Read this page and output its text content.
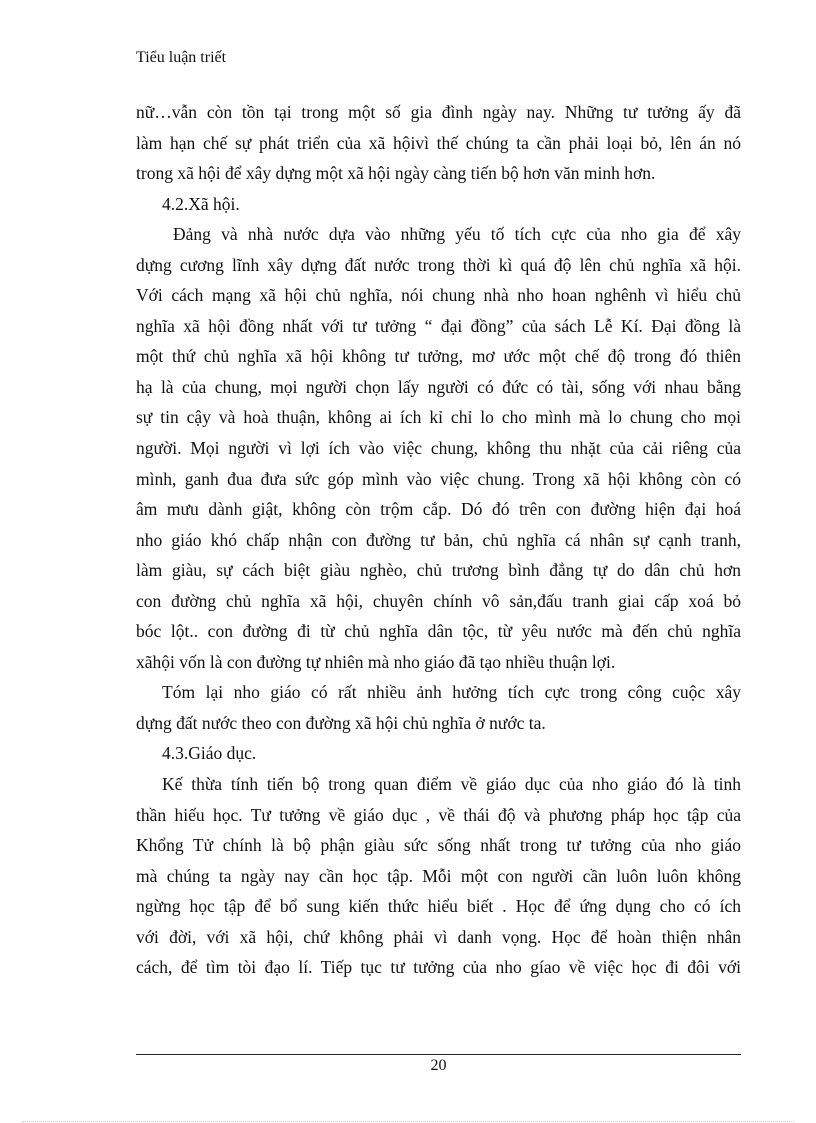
Tiểu luận triết
nữ…vẫn còn tồn tại trong một số gia đình ngày nay. Những tư tưởng ấy đã
làm hạn chế sự phát triển của xã hộivì thế chúng ta cần phải loại bỏ, lên án nó
trong xã hội để xây dựng một xã hội ngày càng tiến bộ hơn văn minh hơn.
4.2.Xã hội.
Đảng và nhà nước dựa vào những yếu tố tích cực của nho gia để xây
dựng cương lĩnh xây dựng đất nước trong thời kì quá độ lên chủ nghĩa xã hội.
Với cách mạng xã hội chủ nghĩa, nói chung nhà nho hoan nghênh vì hiểu chủ
nghĩa xã hội đồng nhất với tư tưởng “ đại đồng” của sách Lễ Kí. Đại đồng là
một thứ chủ nghĩa xã hội không tư tưởng, mơ ước một chế độ trong đó thiên
hạ là của chung, mọi người chọn lấy người có đức có tài, sống với nhau bằng
sự tin cậy và hoà thuận, không ai ích kỉ chỉ lo cho mình mà lo chung cho mọi
người. Mọi người vì lợi ích vào việc chung, không thu nhặt của cải riêng của
mình, ganh đua đưa sức góp mình vào việc chung. Trong xã hội không còn có
âm mưu dành giật, không còn trộm cắp. Dó đó trên con đường hiện đại hoá
nho giáo khó chấp nhận con đường tư bản, chủ nghĩa cá nhân sự cạnh tranh,
làm giàu, sự cách biệt giàu nghèo, chủ trương bình đẳng tự do dân chủ hơn
con đường chủ nghĩa xã hội, chuyên chính vô sản,đấu tranh giai cấp xoá bỏ
bóc lột.. con đường đi từ chủ nghĩa dân tộc, từ yêu nước mà đến chủ nghĩa
xãhội vốn là con đường tự nhiên mà nho giáo đã tạo nhiều thuận lợi.
Tóm lại nho giáo có rất nhiều ảnh hưởng tích cực trong công cuộc xây
dựng đất nước theo con đường xã hội chủ nghĩa ở nước ta.
4.3.Giáo dục.
Kế thừa tính tiến bộ trong quan điểm về giáo dục của nho giáo đó là tinh
thần hiếu học. Tư tưởng về giáo dục , về thái độ và phương pháp học tập của
Khổng Tử chính là bộ phận giàu sức sống nhất trong tư tưởng của nho giáo
mà chúng ta ngày nay cần học tập. Mỗi một con người cần luôn luôn không
ngừng học tập để bổ sung kiến thức hiểu biết . Học để ứng dụng cho có ích
với đời, với xã hội, chứ không phải vì danh vọng. Học để hoàn thiện nhân
cách, để tìm tòi đạo lí. Tiếp tục tư tưởng của nho gíao về việc học đi đôi với
20
